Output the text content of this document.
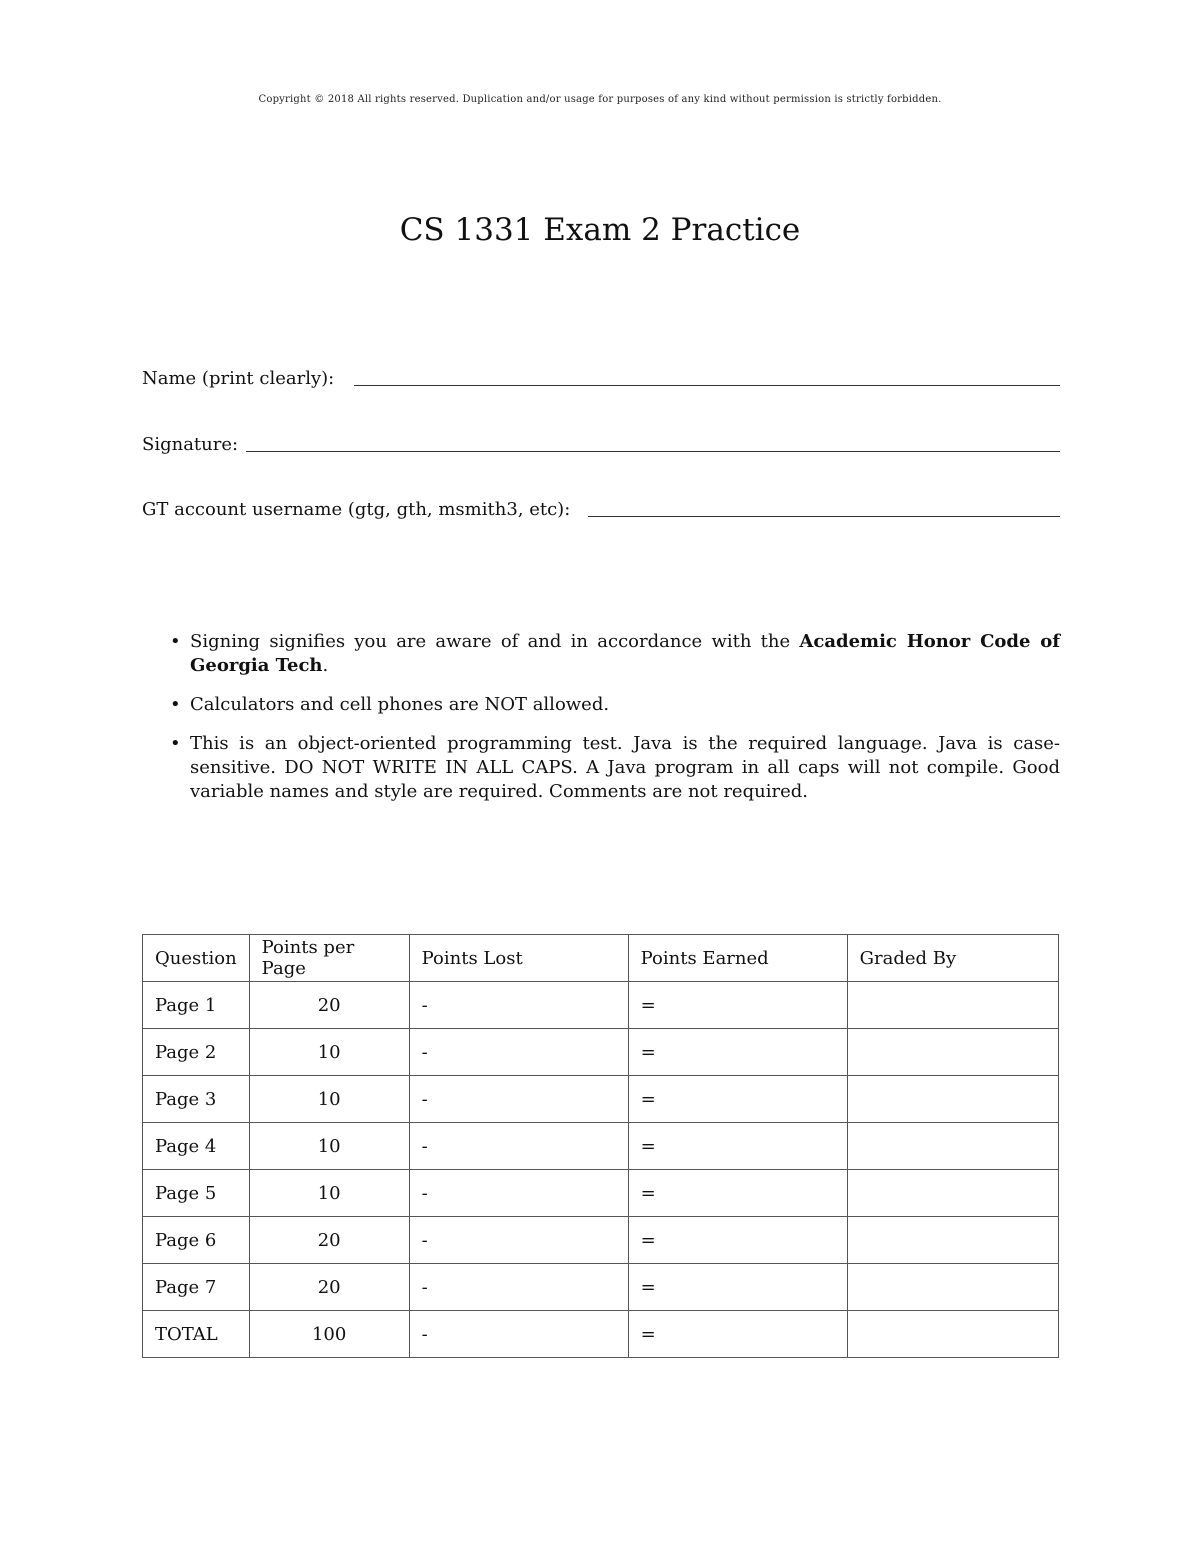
Copyright © 2018 All rights reserved. Duplication and/or usage for purposes of any kind without permission is strictly forbidden.
CS 1331 Exam 2 Practice
Name (print clearly):
Signature:
GT account username (gtg, gth, msmith3, etc):
• Signing signifies you are aware of and in accordance with the Academic Honor Code of Georgia Tech.
• Calculators and cell phones are NOT allowed.
• This is an object-oriented programming test. Java is the required language. Java is case-sensitive. DO NOT WRITE IN ALL CAPS. A Java program in all caps will not compile. Good variable names and style are required. Comments are not required.
Question	Points per Page	Points Lost	Points Earned	Graded By
Page 1	20	-	=	
Page 2	10	-	=	
Page 3	10	-	=	
Page 4	10	-	=	
Page 5	10	-	=	
Page 6	20	-	=	
Page 7	20	-	=	
TOTAL	100	-	=	
